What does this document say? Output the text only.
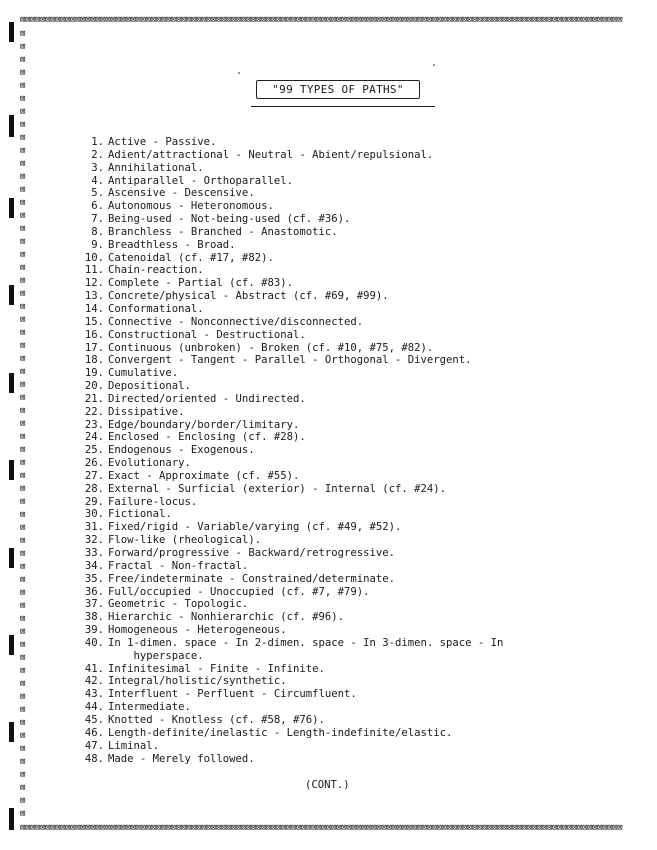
⊠⊠⊠⊠⊠⊠⊠⊠⊠⊠⊠⊠⊠⊠⊠⊠⊠⊠⊠⊠⊠⊠⊠⊠⊠⊠⊠⊠⊠⊠⊠⊠⊠⊠⊠⊠⊠⊠⊠⊠⊠⊠⊠⊠⊠⊠⊠⊠⊠⊠⊠⊠⊠⊠⊠⊠⊠⊠⊠⊠⊠⊠⊠⊠⊠⊠⊠⊠⊠⊠⊠⊠⊠⊠⊠⊠⊠⊠⊠⊠⊠⊠⊠⊠⊠⊠⊠⊠⊠⊠⊠⊠⊠⊠⊠⊠⊠⊠⊠⊠⊠⊠⊠⊠⊠⊠⊠⊠⊠⊠⊠⊠⊠⊠⊠⊠⊠⊠⊠⊠
⊠
⊠
⊠
⊠
⊠
⊠
⊠
⊠
⊠
⊠
⊠
⊠
⊠
⊠
⊠
⊠
⊠
⊠
⊠
⊠
⊠
⊠
⊠
⊠
⊠
⊠
⊠
⊠
⊠
⊠
⊠
⊠
⊠
⊠
⊠
⊠
⊠
⊠
⊠
⊠
⊠
⊠
⊠
⊠
⊠
⊠
⊠
⊠
⊠
⊠
⊠
⊠
⊠
⊠
⊠
⊠
⊠
⊠
⊠
⊠
⊠

⊠⊠⊠⊠⊠⊠⊠⊠⊠⊠⊠⊠⊠⊠⊠⊠⊠⊠⊠⊠⊠⊠⊠⊠⊠⊠⊠⊠⊠⊠⊠⊠⊠⊠⊠⊠⊠⊠⊠⊠⊠⊠⊠⊠⊠⊠⊠⊠⊠⊠⊠⊠⊠⊠⊠⊠⊠⊠⊠⊠⊠⊠⊠⊠⊠⊠⊠⊠⊠⊠⊠⊠⊠⊠⊠⊠⊠⊠⊠⊠⊠⊠⊠⊠⊠⊠⊠⊠⊠⊠⊠⊠⊠⊠⊠⊠⊠⊠⊠⊠⊠⊠⊠⊠⊠⊠⊠⊠⊠⊠⊠⊠⊠⊠⊠⊠⊠⊠⊠⊠
"99 TYPES OF PATHS"
1. Active - Passive.
2. Adient/attractional - Neutral - Abient/repulsional.
3. Annihilational.
4. Antiparallel - Orthoparallel.
5. Ascensive - Descensive.
6. Autonomous - Heteronomous.
7. Being-used - Not-being-used (cf. #36).
8. Branchless - Branched - Anastomotic.
9. Breadthless - Broad.
10. Catenoidal (cf. #17, #82).
11. Chain-reaction.
12. Complete - Partial (cf. #83).
13. Concrete/physical - Abstract (cf. #69, #99).
14. Conformational.
15. Connective - Nonconnective/disconnected.
16. Constructional - Destructional.
17. Continuous (unbroken) - Broken (cf. #10, #75, #82).
18. Convergent - Tangent - Parallel - Orthogonal - Divergent.
19. Cumulative.
20. Depositional.
21. Directed/oriented - Undirected.
22. Dissipative.
23. Edge/boundary/border/limitary.
24. Enclosed - Enclosing (cf. #28).
25. Endogenous - Exogenous.
26. Evolutionary.
27. Exact - Approximate (cf. #55).
28. External - Surficial (exterior) - Internal (cf. #24).
29. Failure-locus.
30. Fictional.
31. Fixed/rigid - Variable/varying (cf. #49, #52).
32. Flow-like (rheological).
33. Forward/progressive - Backward/retrogressive.
34. Fractal - Non-fractal.
35. Free/indeterminate - Constrained/determinate.
36. Full/occupied - Unoccupied (cf. #7, #79).
37. Geometric - Topologic.
38. Hierarchic - Nonhierarchic (cf. #96).
39. Homogeneous - Heterogeneous.
40. In 1-dimen. space - In 2-dimen. space - In 3-dimen. space - In
hyperspace.
41. Infinitesimal - Finite - Infinite.
42. Integral/holistic/synthetic.
43. Interfluent - Perfluent - Circumfluent.
44. Intermediate.
45. Knotted - Knotless (cf. #58, #76).
46. Length-definite/inelastic - Length-indefinite/elastic.
47. Liminal.
48. Made - Merely followed.
(CONT.)
